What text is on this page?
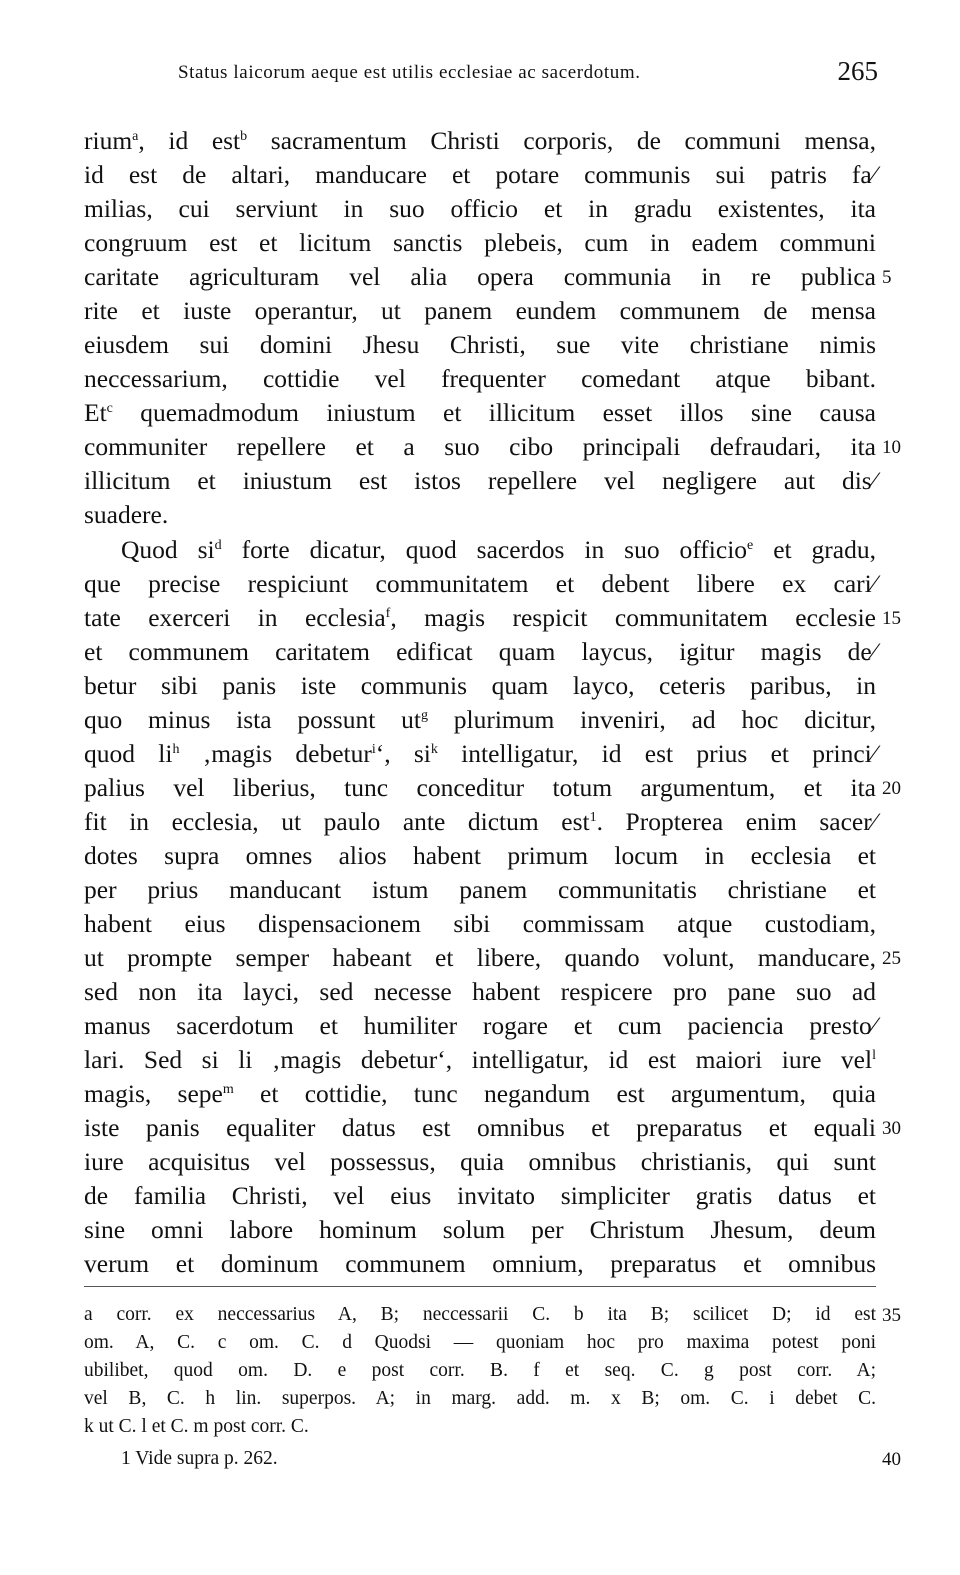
Status laicorum aeque est utilis ecclesiae ac sacerdotum.	265
rium$^a$, id est$^b$ sacramentum Christi corporis, de communi mensa,
id est de altari, manducare et potare communis sui patris fa⁄
milias, cui serviunt in suo officio et in gradu existentes, ita
congruum est et licitum sanctis plebeis, cum in eadem communi
caritate agriculturam vel alia opera communia in re publica
rite et iuste operantur, ut panem eundem communem de mensa
eiusdem sui domini Jhesu Christi, sue vite christiane nimis
neccessarium, cottidie vel frequenter comedant atque bibant.
Et$^c$ quemadmodum iniustum et illicitum esset illos sine causa
communiter repellere et a suo cibo principali defraudari, ita
illicitum et iniustum est istos repellere vel negligere aut dis⁄
suadere.
Quod $si^d$ forte dicatur, quod sacerdos in suo officio$^e$ et gradu,
que precise respiciunt communitatem et debent libere ex cari⁄
tate exerceri in ecclesia$^f$, magis respicit communitatem ecclesie
et communem caritatem edificat quam laycus, igitur magis de⁄
betur sibi panis iste communis quam layco, ceteris paribus, in
quo minus ista possunt $ut^g$ plurimum inveniri, ad hoc dicitur,
quod $li^h$ ‚magis debetur$^i$‘, $si^k$ intelligatur, id est prius et princi⁄
palius vel liberius, tunc conceditur totum argumentum, et ita
fit in ecclesia, ut paulo ante dictum est$^1$. Propterea enim sacer⁄
dotes supra omnes alios habent primum locum in ecclesia et
per prius manducant istum panem communitatis christiane et
habent eius dispensacionem sibi commissam atque custodiam,
ut prompte semper habeant et libere, quando volunt, manducare,
sed non ita layci, sed necesse habent respicere pro pane suo ad
manus sacerdotum et humiliter rogare et cum paciencia presto⁄
lari. Sed si li ‚magis debetur‘, intelligatur, id est maiori iure vel$^l$
magis, sepe$^m$ et cottidie, tunc negandum est argumentum, quia
iste panis equaliter datus est omnibus et preparatus et equali
iure acquisitus vel possessus, quia omnibus christianis, qui sunt
de familia Christi, vel eius invitato simpliciter gratis datus et
sine omni labore hominum solum per Christum Jhesum, deum
verum et dominum communem omnium, preparatus et omnibus
5
10
15
20
25
30
a corr. ex neccessarius A, B; neccessarii C. b ita B; scilicet D; id est
om. A, C. c om. C. d Quodsi — quoniam hoc pro maxima potest poni
ubilibet, quod om. D. e post corr. B. f et seq. C. g post corr. A;
vel B, C. h lin. superpos. A; in marg. add. m. x B; om. C. i debet C.
k ut C. l et C. m post corr. C.
1 Vide supra p. 262.
35
40
